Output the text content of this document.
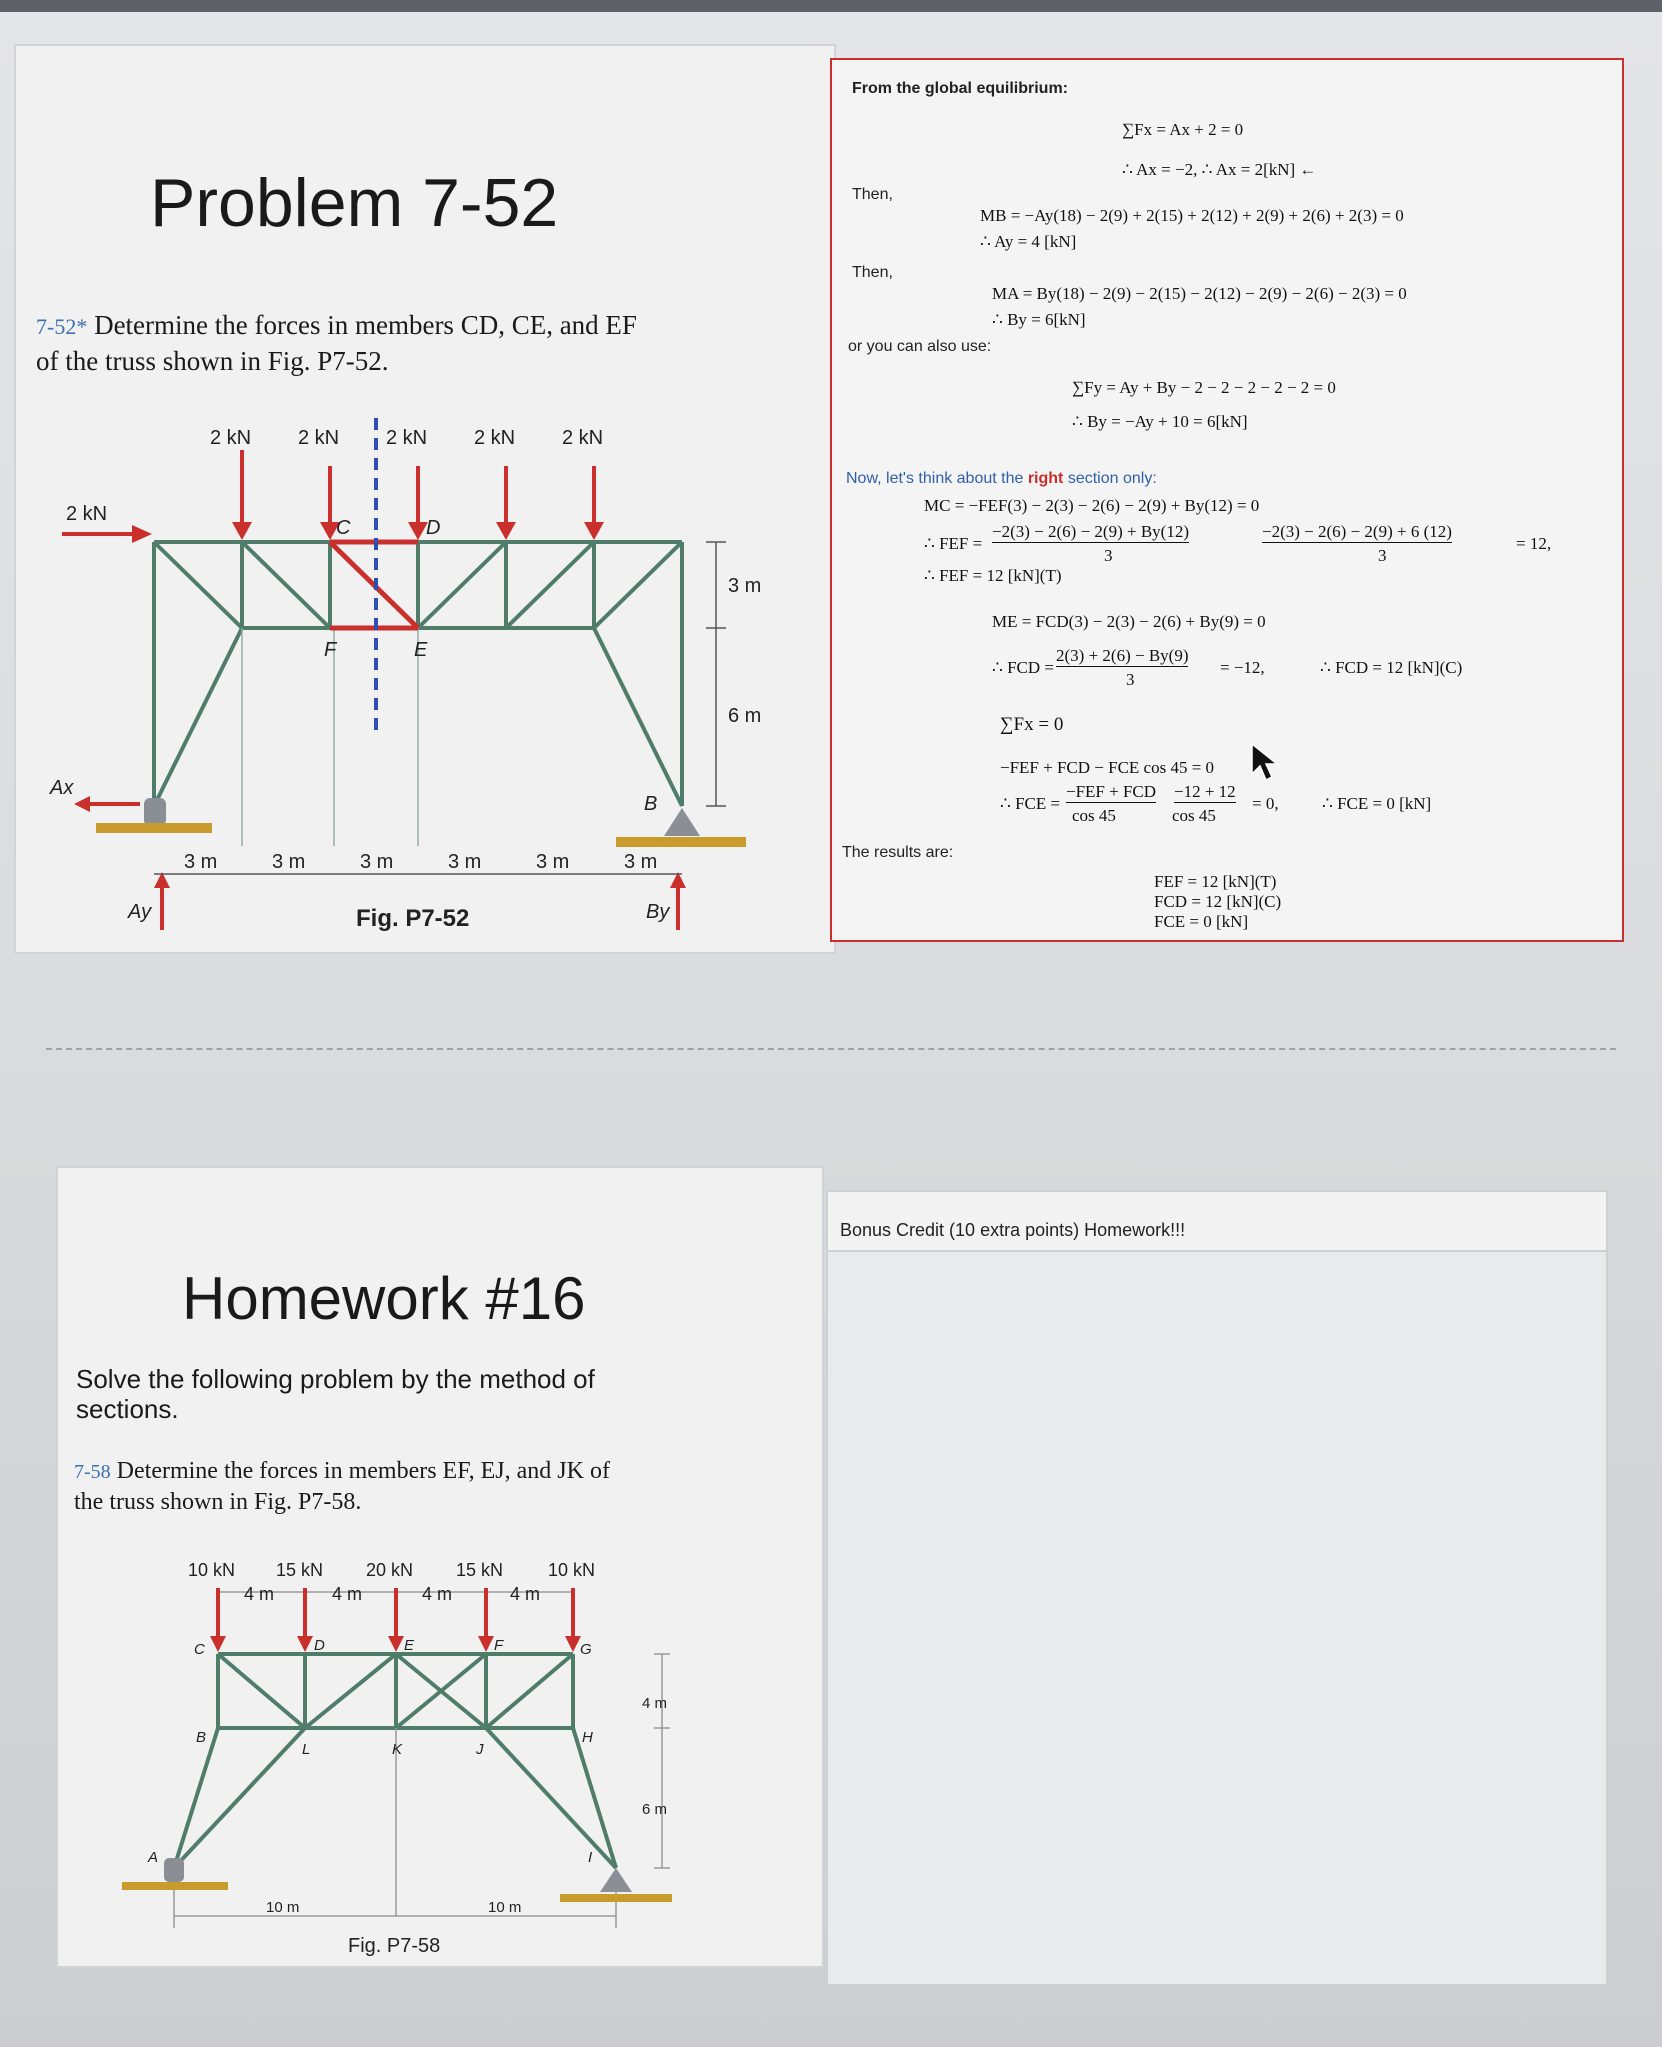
Problem 7-52
7-52* Determine the forces in members CD, CE, and EF
of the truss shown in Fig. P7-52.
2 kN 2 kN 2 kN 2 kN 2 kN
2 kN
3 m
6 m
3 m	3 m	3 m	3 m	3 m	3 m
C	D
F	E
B
Ax
Ay	By
Fig. P7-52
From the global equilibrium:
∑Fx = Ax + 2 = 0
∴ Ax = −2, ∴ Ax = 2[kN] ←
Then,
MB = −Ay(18) − 2(9) + 2(15) + 2(12) + 2(9) + 2(6) + 2(3) = 0
∴ Ay = 4 [kN]
Then,
MA = By(18) − 2(9) − 2(15) − 2(12) − 2(9) − 2(6) − 2(3) = 0
∴ By = 6[kN]
or you can also use:
∑Fy = Ay + By − 2 − 2 − 2 − 2 − 2 = 0
∴ By = −Ay + 10 = 6[kN]
Now, let's think about the right section only:
MC = −FEF(3) − 2(3) − 2(6) − 2(9) + By(12) = 0
∴ FEF =
−2(3) − 2(6) − 2(9) + By(12)
3
−2(3) − 2(6) − 2(9) + 6 (12)
3
= 12,
∴ FEF = 12 [kN](T)
ME = FCD(3) − 2(3) − 2(6) + By(9) = 0
∴ FCD =
2(3) + 2(6) − By(9)
3
= −12,	∴ FCD = 12 [kN](C)
∑Fx = 0
−FEF + FCD − FCE cos 45 = 0
∴ FCE =
−FEF + FCD
cos 45
−12 + 12
cos 45
= 0,	∴ FCE = 0 [kN]
The results are:
FEF = 12 [kN](T)
FCD = 12 [kN](C)
FCE = 0 [kN]
Homework #16
Solve the following problem by the method of sections.
7-58 Determine the forces in members EF, EJ, and JK of
the truss shown in Fig. P7-58.
10 kN 15 kN 20 kN 15 kN 10 kN
4 m	4 m	4 m	4 m
4 m
6 m
10 m	10 m
C	D	E	F	G
B
L	K	J
H
A	I
Fig. P7-58
Bonus Credit (10 extra points) Homework!!!
